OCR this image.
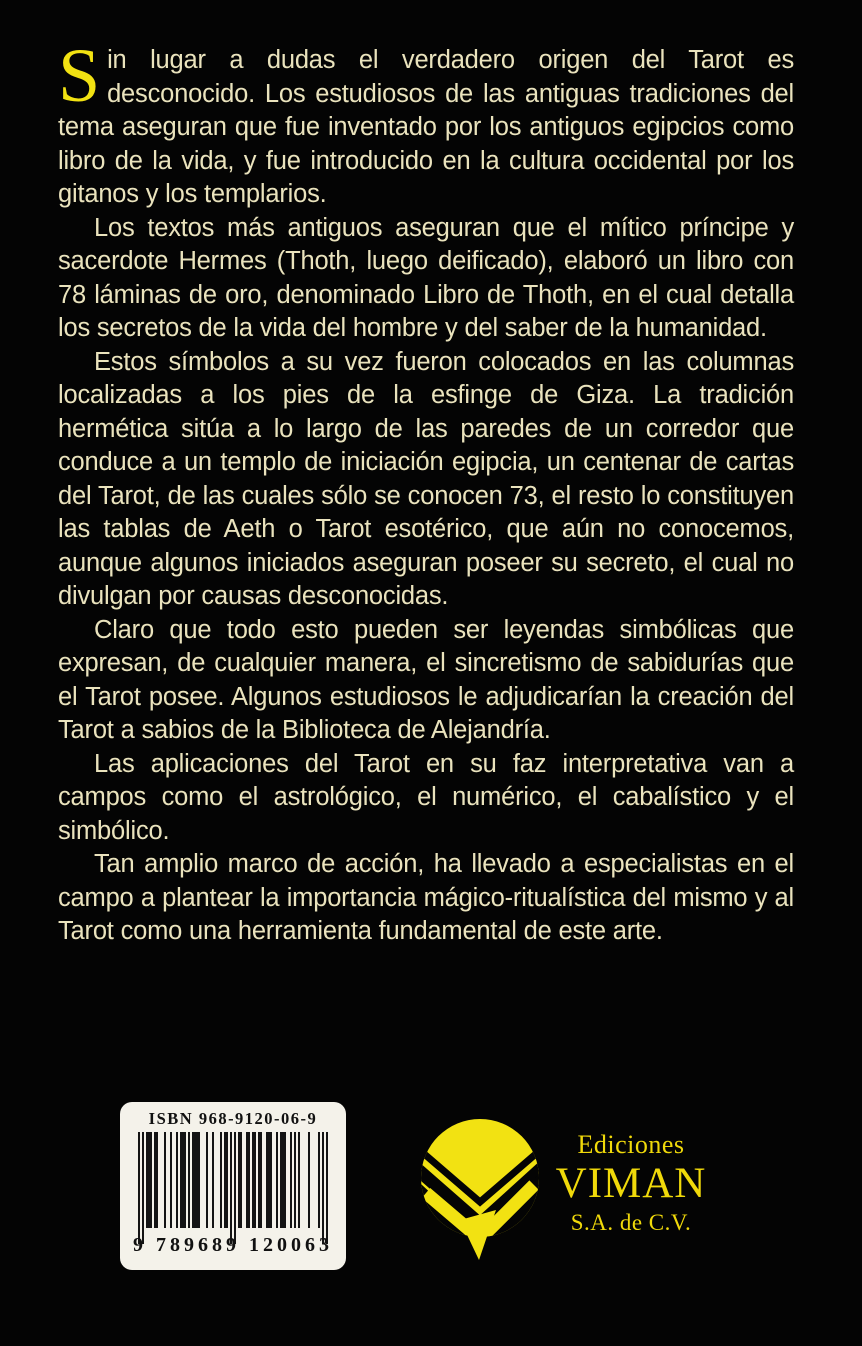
Sin lugar a dudas el verdadero origen del Tarot es desconocido. Los estudiosos de las antiguas tradiciones del tema aseguran que fue inventado por los antiguos egipcios como libro de la vida, y fue introducido en la cultura occidental por los gitanos y los templarios.

Los textos más antiguos aseguran que el mítico príncipe y sacerdote Hermes (Thoth, luego deificado), elaboró un libro con 78 láminas de oro, denominado Libro de Thoth, en el cual detalla los secretos de la vida del hombre y del saber de la humanidad.

Estos símbolos a su vez fueron colocados en las columnas localizadas a los pies de la esfinge de Giza. La tradición hermética sitúa a lo largo de las paredes de un corredor que conduce a un templo de iniciación egipcia, un centenar de cartas del Tarot, de las cuales sólo se conocen 73, el resto lo constituyen las tablas de Aeth o Tarot esotérico, que aún no conocemos, aunque algunos iniciados aseguran poseer su secreto, el cual no divulgan por causas desconocidas.

Claro que todo esto pueden ser leyendas simbólicas que expresan, de cualquier manera, el sincretismo de sabidurías que el Tarot posee. Algunos estudiosos le adjudicarían la creación del Tarot a sabios de la Biblioteca de Alejandría.

Las aplicaciones del Tarot en su faz interpretativa van a campos como el astrológico, el numérico, el cabalístico y el simbólico.

Tan amplio marco de acción, ha llevado a especialistas en el campo a plantear la importancia mágico-ritualística del mismo y al Tarot como una herramienta fundamental de este arte.

ISBN 968-9120-06-9
9 789689 120063
Ediciones
VIMAN
S.A. de C.V.
